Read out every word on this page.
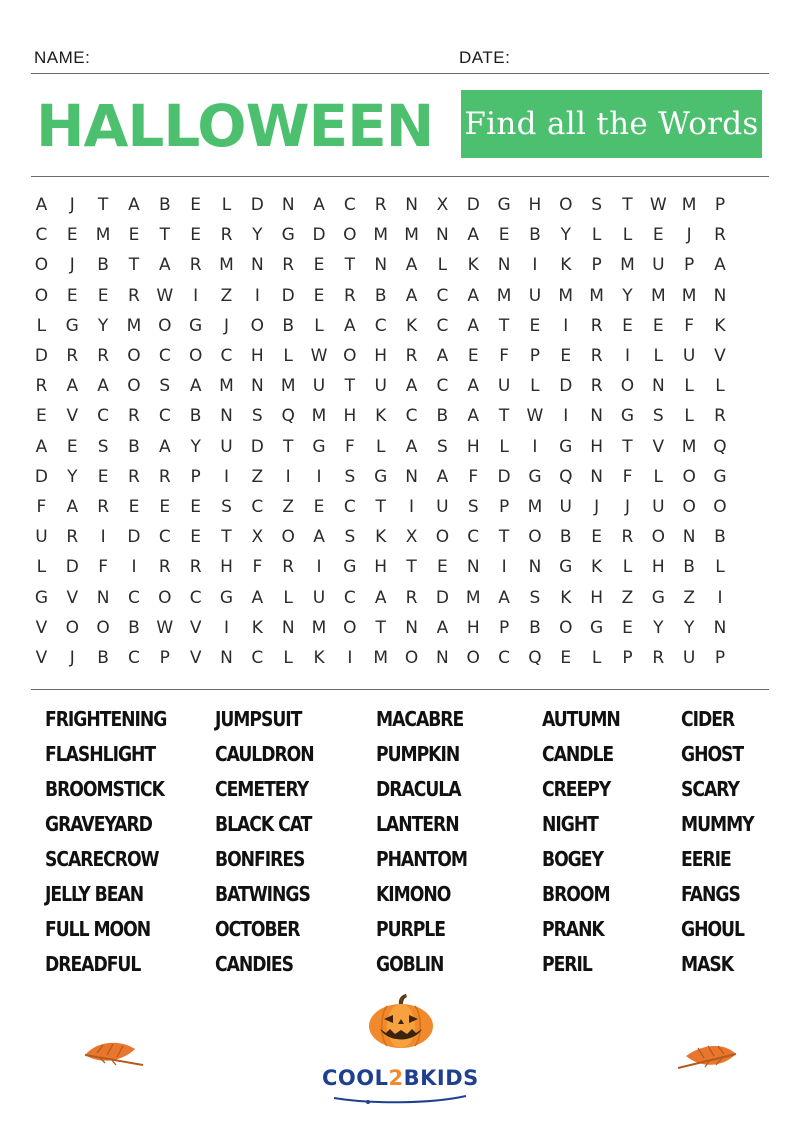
NAME:	DATE:
HALLOWEEN Find all the Words
A	J	T	A	B	E	L	D	N	A	C	R	N	X	D	G	H	O	S	T	W M	P
C	E	M	E	T	E	R	Y	G	D	O M M	N	A	E	B	Y	L	L	E	J	R
O	J	B	T	A	R	M	N	R	E	T	N	A	L	K	N	I	K	P	M	U	P	A
O	E	E	R W	I	Z	I	D	E	R	B	A	C	A	M	U	M M	Y	M M	N
L	G	Y	M O	G	J	O	B	L	A	C	K	C	A	T	E	I	R	E	E	F	K
D	R	R	O	C	O	C	H	L	W O	H	R	A	E	F	P	E	R	I	L	U	V
R	A	A	O	S	A	M	N	M	U	T	U	A	C	A	U	L	D	R	O	N	L	L
E	V	C	R	C	B	N	S	Q M	H	K	C	B	A	T	W	I	N	G	S	L	R
A	E	S	B	A	Y	U	D	T	G	F	L	A	S	H	L	I	G	H	T	V	M Q
D	Y	E	R	R	P	I	Z	I	I	S	G	N	A	F	D	G	Q	N	F	L	O	G
F	A	R	E	E	E	S	C	Z	E	C	T	I	U	S	P	M	U	J	J	U	O	O
U	R	I	D	C	E	T	X	O	A	S	K	X	O	C	T	O	B	E	R	O	N	B
L	D	F	I	R	R	H	F	R	I	G	H	T	E	N	I	N	G	K	L	H	B	L
G	V	N	C	O	C	G	A	L	U	C	A	R	D M	A	S	K	H	Z	G	Z	I
V	O	O	B W V	I	K	N	M O	T	N	A	H	P	B	O	G	E	Y	Y	N
V	J	B	C	P	V	N	C	L	K	I	M O	N	O	C	Q	E	L	P	R	U	P
FRIGHTENING
FLASHLIGHT
BROOMSTICK
GRAVEYARD
SCARECROW
JELLY BEAN
FULL MOON
DREADFUL
JUMPSUIT
CAULDRON
CEMETERY
BLACK CAT
BONFIRES
BATWINGS
OCTOBER
CANDIES
MACABRE
PUMPKIN
DRACULA
LANTERN
PHANTOM
KIMONO
PURPLE
GOBLIN
AUTUMN
CANDLE
CREEPY
NIGHT
BOGEY
BROOM
PRANK
PERIL
CIDER
GHOST
SCARY
MUMMY
EERIE
FANGS
GHOUL
MASK
COOL2BKIDS
